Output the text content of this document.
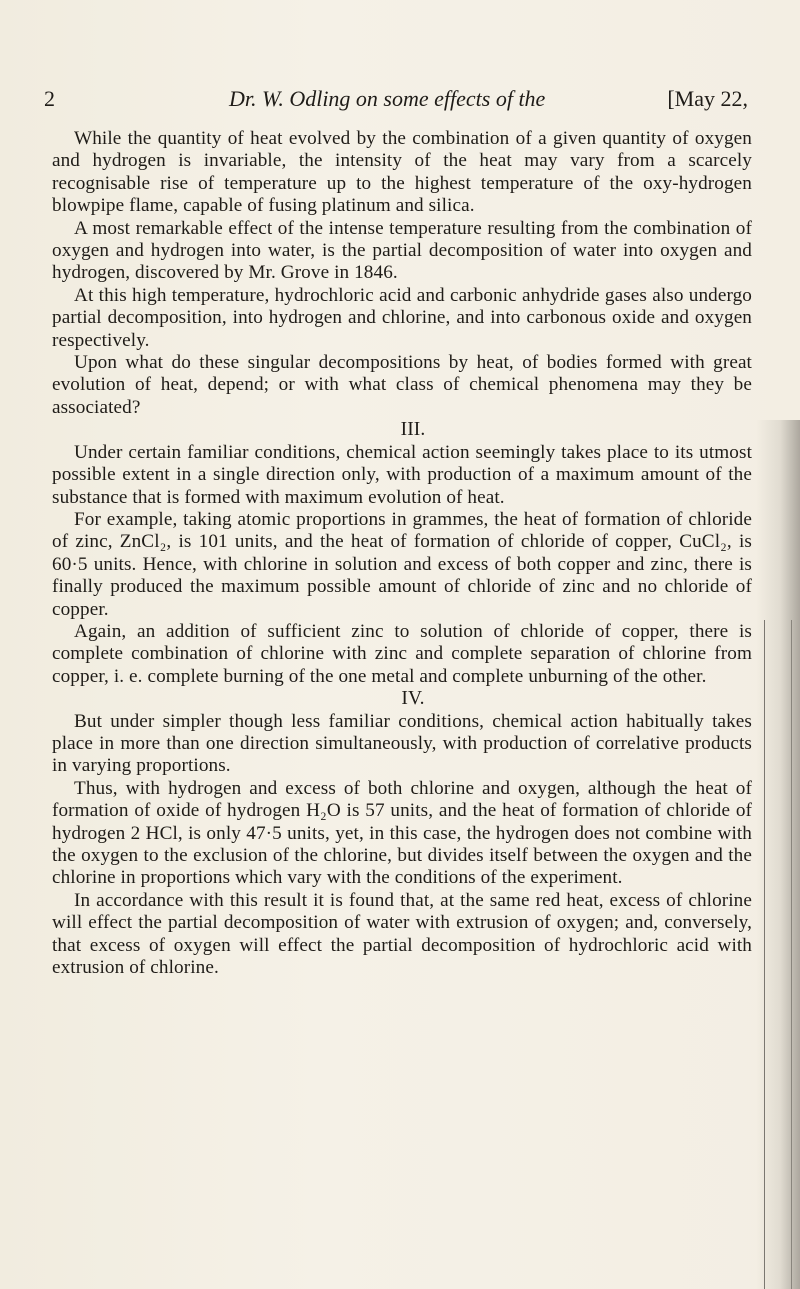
2	Dr. W. Odling on some effects of the	[May 22,

While the quantity of heat evolved by the combination of a given quantity of oxygen and hydrogen is invariable, the intensity of the heat may vary from a scarcely recognisable rise of temperature up to the highest temperature of the oxy-hydrogen blowpipe flame, capable of fusing platinum and silica.

A most remarkable effect of the intense temperature resulting from the combination of oxygen and hydrogen into water, is the partial decomposition of water into oxygen and hydrogen, discovered by Mr. Grove in 1846.

At this high temperature, hydrochloric acid and carbonic anhydride gases also undergo partial decomposition, into hydrogen and chlorine, and into carbonous oxide and oxygen respectively.

Upon what do these singular decompositions by heat, of bodies formed with great evolution of heat, depend; or with what class of chemical phenomena may they be associated?

III.

Under certain familiar conditions, chemical action seemingly takes place to its utmost possible extent in a single direction only, with production of a maximum amount of the substance that is formed with maximum evolution of heat.

For example, taking atomic proportions in grammes, the heat of formation of chloride of zinc, ZnCl₂, is 101 units, and the heat of formation of chloride of copper, CuCl₂, is 60·5 units. Hence, with chlorine in solution and excess of both copper and zinc, there is finally produced the maximum possible amount of chloride of zinc and no chloride of copper.

Again, an addition of sufficient zinc to solution of chloride of copper, there is complete combination of chlorine with zinc and complete separation of chlorine from copper, i. e. complete burning of the one metal and complete unburning of the other.

IV.

But under simpler though less familiar conditions, chemical action habitually takes place in more than one direction simultaneously, with production of correlative products in varying proportions.

Thus, with hydrogen and excess of both chlorine and oxygen, although the heat of formation of oxide of hydrogen H₂O is 57 units, and the heat of formation of chloride of hydrogen 2 HCl, is only 47·5 units, yet, in this case, the hydrogen does not combine with the oxygen to the exclusion of the chlorine, but divides itself between the oxygen and the chlorine in proportions which vary with the conditions of the experiment.

In accordance with this result it is found that, at the same red heat, excess of chlorine will effect the partial decomposition of water with extrusion of oxygen; and, conversely, that excess of oxygen will effect the partial decomposition of hydrochloric acid with extrusion of chlorine.
